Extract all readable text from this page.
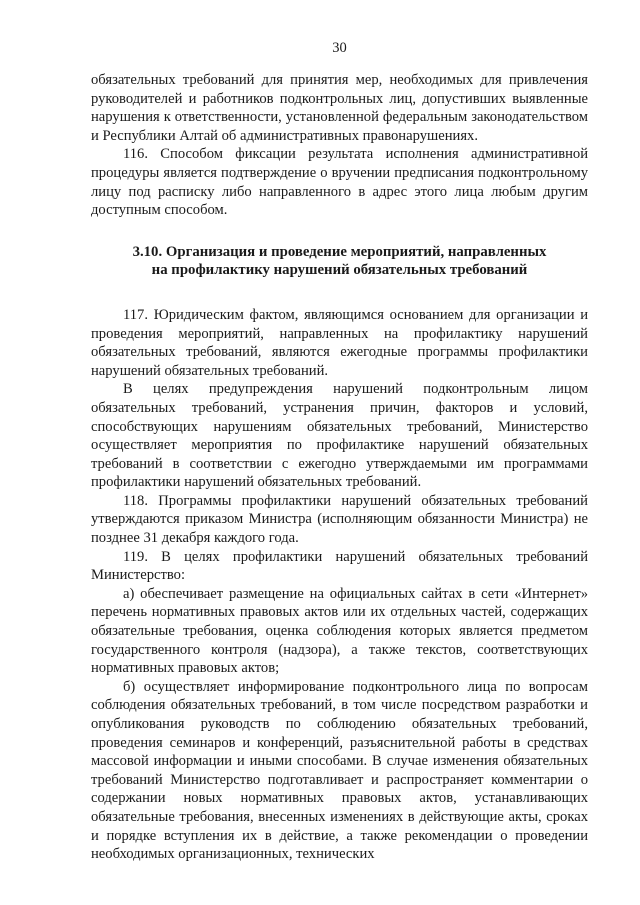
30

обязательных требований для принятия мер, необходимых для привлечения руководителей и работников подконтрольных лиц, допустивших выявленные нарушения к ответственности, установленной федеральным законодательством и Республики Алтай об административных правонарушениях.

116. Способом фиксации результата исполнения административной процедуры является подтверждение о вручении предписания подконтрольному лицу под расписку либо направленного в адрес этого лица любым другим доступным способом.

3.10. Организация и проведение мероприятий, направленных
на профилактику нарушений обязательных требований

117. Юридическим фактом, являющимся основанием для организации и проведения мероприятий, направленных на профилактику нарушений обязательных требований, являются ежегодные программы профилактики нарушений обязательных требований.

В целях предупреждения нарушений подконтрольным лицом обязательных требований, устранения причин, факторов и условий, способствующих нарушениям обязательных требований, Министерство осуществляет мероприятия по профилактике нарушений обязательных требований в соответствии с ежегодно утверждаемыми им программами профилактики нарушений обязательных требований.

118. Программы профилактики нарушений обязательных требований утверждаются приказом Министра (исполняющим обязанности Министра) не позднее 31 декабря каждого года.

119. В целях профилактики нарушений обязательных требований Министерство:

а) обеспечивает размещение на официальных сайтах в сети «Интернет» перечень нормативных правовых актов или их отдельных частей, содержащих обязательные требования, оценка соблюдения которых является предметом государственного контроля (надзора), а также текстов, соответствующих нормативных правовых актов;

б) осуществляет информирование подконтрольного лица по вопросам соблюдения обязательных требований, в том числе посредством разработки и опубликования руководств по соблюдению обязательных требований, проведения семинаров и конференций, разъяснительной работы в средствах массовой информации и иными способами. В случае изменения обязательных требований Министерство подготавливает и распространяет комментарии о содержании новых нормативных правовых актов, устанавливающих обязательные требования, внесенных изменениях в действующие акты, сроках и порядке вступления их в действие, а также рекомендации о проведении необходимых организационных, технических
